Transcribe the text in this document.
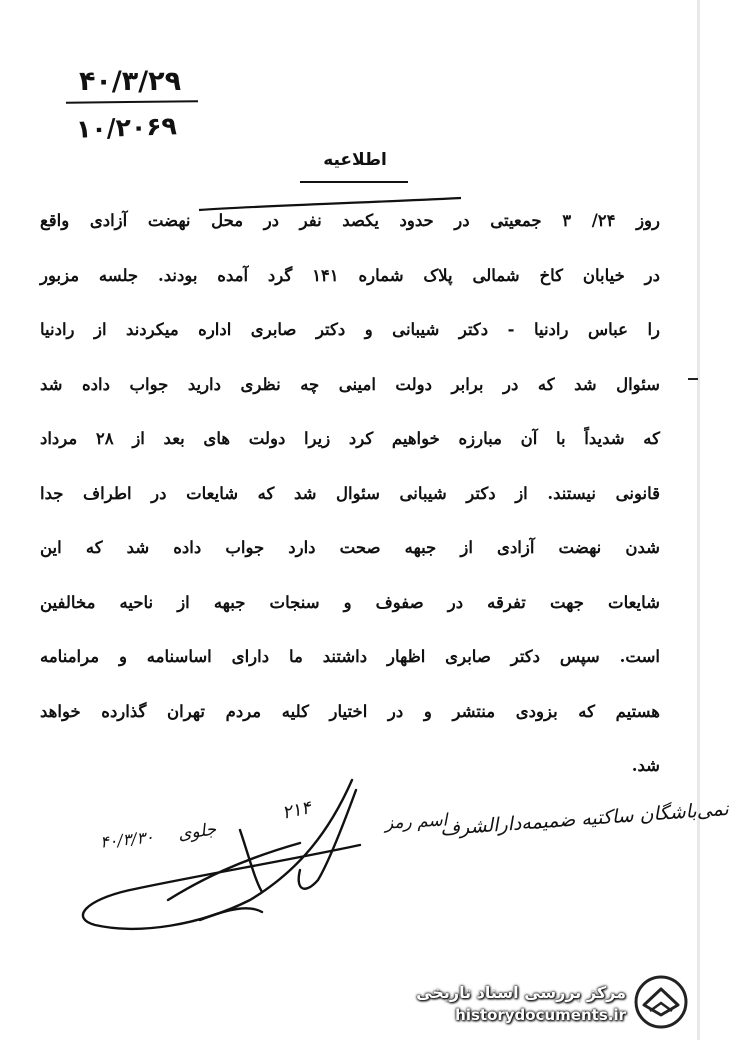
۴۰/۳/۲۹
۱۰/۲۰۶۹
اطلاعیه
روز ۲۴/ ۳ جمعیتی در حدود یکصد نفر در محل نهضت آزادی واقع
در خیابان کاخ شمالی پلاک شماره ۱۴۱ گرد آمده بودند. جلسه مزبور
را عباس رادنیا - دکتر شیبانی و دکتر صابری اداره میکردند از رادنیا
سئوال شد که در برابر دولت امینی چه نظری دارید جواب داده شد
که شدیداً با آن مبارزه خواهیم کرد زیرا دولت های بعد از ۲۸ مرداد
قانونی نیستند. از دکتر شیبانی سئوال شد که شایعات در اطراف جدا
شدن نهضت آزادی از جبهه صحت دارد جواب داده شد که این
شایعات جهت تفرقه در صفوف و سنجات جبهه از ناحیه مخالفین
است. سپس دکتر صابری اظهار داشتند ما دارای اساسنامه و مرامنامه
هستیم که بزودی منتشر و در اختیار کلیه مردم تهران گذارده خواهد
شد.
نمی‌باشگان ساکتیه ضمیمه‌دارالشرف
اسم رمز
۲۱۴
جلوی
۴۰/۳/۳۰
مرکز بررسی اسناد تاریخی
historydocuments.ir
